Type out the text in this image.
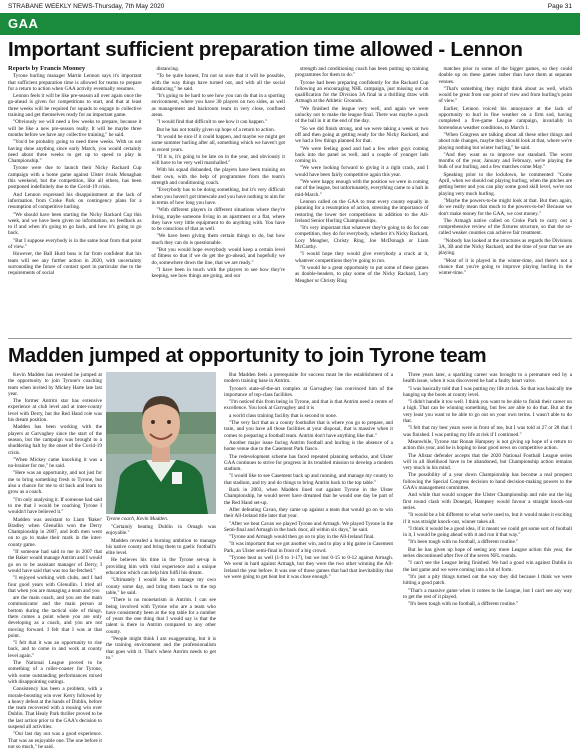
STRABANE WEEKLY NEWS-Thursday, 7th May 2020	Page 31
GAA
Important sufficient preparation time allowed - Lennon

Reports by Francis Mooney

Tyrone hurling manager Martin Lennon says it's important that sufficient preparation time is allowed for teams to prepare for a return to action when GAA activity eventually resumes.

Lennon feels it will be like pre-season all over again once the go-ahead is given for competitions to start, and that at least three weeks will be required for squads to engage in collective training and get themselves ready for an important game.

"Obviously we will need a few weeks to prepare, because it will be like a new pre-season really. It will be maybe three months before we have any collective training," he said.

"You'd be probably going to need three weeks. With us not having done anything since early March, you would certainly need about three weeks to get up to speed to play in Championship."

Tyrone were due to launch their Nicky Rackard Cup campaign with a home game against Ulster rivals Monaghan this weekend, but the competition, like all others, has been postponed indefinitely due to the Covid-19 crisis.

And Lennon expressed his disappointment at the lack of information from Croke Park on contingency plans for a resumption of competitive hurling.

"We should have been starting the Nicky Rackard Cup this week, and we have been given no information, no feedback as to if and when it's going to go back, and how it's going to go back.

"But I suppose everybody is in the same boat from that point of view."

However, the Ball Hurd boss is far from confident that his team will see any further action in 2020, with uncertainty surrounding the future of contact sport in particular due to the requirements of social

distancing.

"To be quite honest, I'm not so sure that it will be possible, with the way things have turned out, and with all the social distancing," he said.

"It's going to be hard to see how you can do that in a sporting environment, where you have 30 players on two sides, as well as management and backroom team in very close, confined areas.

"I would find that difficult to see how it can happen."

But he has not totally given up hope of a return to action.

"It would be nice if it could happen, and maybe we might get some summer hurling after all, something which we haven't got in recent years.

"If it is, it's going to be late on in the year, and obviously it will have to be very well marshalled."

With his squad disbanded, the players have been training on their own, with the help of programmes from the team's strength and conditioning coach.

"Everybody has to be doing something, but it's very difficult when you haven't got timescale and you have nothing to aim for in terms of how long you have.

"With different players in different situations where they're living, maybe someone living in an apartment or a flat, where they have very little equipment to do anything with. You have to be conscious of that as well.

"We have been giving them certain things to do, but how much they can do is questionable.

"But you would hope everybody would keep a certain level of fitness so that if we do get the go-ahead, and hopefully we do, somewhere down the line, that we are ready."

"I have been in touch with the players to see how they're keeping, see how things are going, and our

strength and conditioning coach has been putting up training programmes for them to do."

Tyrone had been preparing confidently for the Rackard Cup following an encouraging NHL campaign, just missing out on qualification for the Division 3A final in a thrilling draw with Armagh at the Athletic Grounds.

"We finished the league very well, and again we were unlucky not to make the league final. There was maybe a puck of the ball in it at the end of the day.

"So we did finish strong, and we were taking a week or two off and then going at getting ready for the Nicky Rackard, and we had a few things planned for that.

"We were feeling good and had a few other guys coming back into the panel as well, and a couple of younger lads coming in.

"We were looking forward to giving it a right crack, and I would have been fairly competitive again this year.

"We were happy enough with the position we were in coming out of the league, but unfortunately, everything came to a halt in mid-March."

Lennon called on the GAA to treat every county equally in planning for a resumption of action, stressing the importance of restoring the lower tier competitions in addition to the All-Ireland Senior Hurling Championships.

"It's very important that whatever they're going to do for one competition, they do for everybody, whether it's Nicky Rackard, Lory Meagher, Christy Ring, Joe McDonagh or Liam McCarthy.

"I would hope they would give everybody a crack at it, whatever competitions they're going to run.

"It would be a great opportunity to put some of these games as double-headers, to play some of the Nicky Rackard, Lory Meagher or Christy Ring

matches prior to some of the bigger games, so they could double up on these games rather than have them at separate venues.

"That's something they might think about as well, which would be great from our point of view and from hurling's point of view."

Earlier, Lennon voiced his annoyance at the lack of opportunity to hurl in fine weather on a firm sod, having completed a five-game League campaign, invariably in horrendous weather conditions, to March 1.

"When Congress are talking about all these other things and about rule changes, maybe they should look at that, where we're playing nothing but winter hurling," he said.

"And they want us to improve our standard. The worst months of the year, January and February, we're playing the bulk of our hurling, and a few matches come May."

Speaking prior to the lockdown, he commented: "Come April, when we should out playing hurling, when the pitches are getting better and you can play some good skill level, we're not playing very much hurling.

"Maybe the powers-to-be might look at that. But then again, do we really mean that much to the powers-to-be? Because we don't make money for the GAA, we cost money."

The Armagh native called on Croke Park to carry out a comprehensive review of the fixtures structure, so that the so-called weaker counties can achieve fair treatment.

"Nobody has looked at the structures as regards the Divisions 3A, 3B and the Nicky Rackard, and the time of year that we are playing.

"Most of it is played in the winter-time, and there's not a chance that you're going to improve playing hurling in the winter-time."

Madden jumped at opportunity to join Tyrone team

Kevin Madden has revealed he jumped at the opportunity to join Tyrone's coaching team when invited by Mickey Harte late last year.

The former Antrim star has extensive experience at club level and at inter-county level with Derry, but the Red Hand role was his dream position.

Madden has been working with the players at Garvaghey since the start of the season, but the campaign was brought to a shuddering halt by the onset of the Covid-19 crisis.

"When Mickey came knocking it was a no-brainer for me," he said.

"Here was an opportunity, and not just for me to bring something fresh to Tyrone, but also a chance for me to sit back and learn to grow as a coach.

"I'm only analysing it. If someone had said to me that I would be coaching Tyrone I wouldn't have believed it."

Madden was assistant to Liam 'Baker' Bradley when Glenullin won the Derry Championship in 2007, and both men went on to go to make their mark in the inter-county game.

"If someone had said to me in 2007 that the Baker would manage Antrim and I would go on to be assistant manager of Derry, I would have said that was too far-fetched."

"I enjoyed working with clubs, and I had four good years with Glenullin. I tried all that when you are managing a team and you

are the main coach, and you are the main communicator and the main person at bottom during the tactical side of things, there comes a point where you are only developing as a coach, and you are not moving forward. I felt that I was at that point.

"I felt that it was an opportunity to rise back, and to come in and work at county level again."

The National League proved to be something of a roller-coaster for Tyrone, with some outstanding performances mixed with disappointing outings.

Consistency has been a problem, with a morale-boosting win over Kerry followed by a heavy defeat at the hands of Dublin, before the team recovered with a rousing win over Dublin. That Healy Park thriller proved to be the last action prior to the GAA's decision to suspend all activities.

"Our last day out was a good experience. That was an enjoyable one. The one before it not so much," he said.

Tyrone coach, Kevin Madden.

"Certainly beating Dublin in Omagh was enjoyable."

Madden revealed a burning ambition to manage his native county and bring them to gaelic football's elite level.

He believes his time in the Tyrone set-up is providing him with vital experience and a unique education which can help him fulfil his dream.

"Ultimately I would like to manage my own county some day, and bring them back to the top table," he said.

"There is no monetarism in Antrim. I can see being involved with Tyrone who are a team who have consistently been at the top table for a number of years the one thing that I would say is that the talent is there in Antrim compared to any other county.

"People might think I am exaggerating, but it is the training environment and the professionalism that goes with it. That's where Antrim needs to get to."

But Madden feels a prerequisite for success must be the establishment of a modern training base in Antrim.

Tyrone's state-of-the-art complex at Garvaghey has convinced him of the importance of top-class facilities.

"I'm noticed this from being in Tyrone, and that is that Antrim need a centre of excellence. You look at Garvaghey and it is

a world class training facility that is second to none.

"The very fact that as a county footballer that is where you go to prepare, and train, and you have all those facilities at your disposal, that is massive when it comes to preparing a football team. Antrim don't have anything like that."

Another major issue facing Antrim football and hurling is the absence of a home venue due to the Casement Park fiasco.

The redevelopment scheme has faced repeated planning setbacks, and Ulster GAA continues to strive for progress in its troubled mission to develop a modern stadium.

"I would like to see Casement back up and running, and manage my county to that stadium, and try and do things to bring Antrim back to the top table."

Back in 2003, when Madden lined out against Tyrone in the Ulster Championship, he would never have dreamed that he would one day be part of the Red Hand set-up.

After defeating Cavan, they came up against a team that would go on to win their All-Ireland title later that year.

"After we beat Cavan we played Tyrone and Armagh. We played Tyrone in the Semi-final and Armagh in the back door, all within six days," he said.

"Tyrone and Armagh would then go on to play in the All-Ireland final.

"It was important that we got another win, and to play a big game in Casement Park, an Ulster semi-final in front of a big crowd.

"Tyrone beat us well (1-9 to 1-17), but we lost 0-15 to 0-12 against Armagh. We went in hard against Armagh, but they were the two other winning the All-Ireland the year before. It was one of those games that had that inevitability that we were going to get beat but it was close enough."

Three years later, a sparkling career was brought to a premature end by a health issue, when it was discovered he had a faulty heart valve.

"I was basically told that I was putting my life at risk. So that was basically me hanging up the boots at county level.

"I didn't handle it too well. I think you want to be able to finish their career on a high. That can be winning something, but few are able to do that. But at the very least you want to be able to go out on your own terms. I wasn't able to do that.

"I felt that my best years were in front of me, but I was told at 27 or 28 that I was finished. I was putting my life at risk if I continued."

Meanwhile, Tyrone star Ronan Hampsey is not giving up hope of a return to action this year, and he is hoping to hear good news on competitive action.

The Allstar defender accepts that the 2020 National Football League series will in all likelihood have to be abandoned, but Championship action remains very much in his mind.

The possibility of a year down Championship has become a real prospect following the Special Congress decision to hand decision-making powers to the GAA's management committee.

And while that would scupper the Ulster Championship and rule out the big first round clash with Donegal, Hampsey would favour a straight knock-out series.

"It would be a bit different to what we're used to, but it would make it exciting if it was straight knock-out, winner takes all.

"I think it would be a good idea, if it meant we could get some sort of football in it, I would be going ahead with it and run it that way."

"It's been tough with no football, a different routine."

But he has given up hope of seeing any more League action this year, the series discontinued after five of the seven NFL rounds.

"I can't see the League being finished. We had a good win against Dublin in the last game and we were coming into a bit of form.

"It's just a pity things turned out the way they did because I think we were hitting a good patch.

"That's a massive game when it comes to the League, but I can't see any way to get the rest of it played.

"It's been tough with no football, a different routine."
